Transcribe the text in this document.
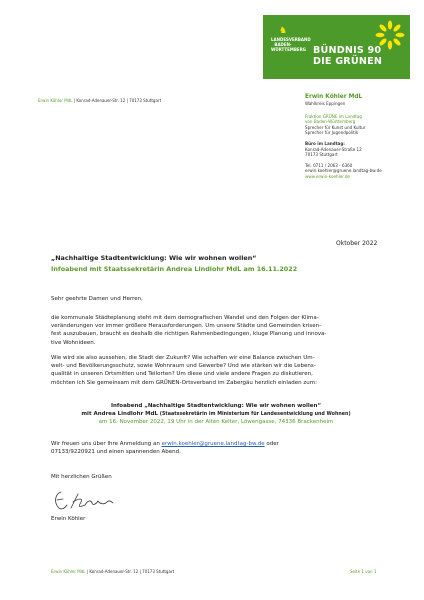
♞
LANDESVERBAND
BADEN-WÜRTTEMBERG BÜNDNIS 90
DIE GRÜNEN
Erwin Köhler MdL | Konrad-Adenauer-Str. 12 | 70173 Stuttgart
Erwin Köhler MdL

Wahlkreis Eppingen

Fraktion GRÜNE im Landtag
von Baden-Württemberg
Sprecher für Kunst und Kultur

Sprecher für Jugendpolitik

Büro im Landtag:
Konrad-Adenauer-Straße 12

70173 Stuttgart

Tel. 0711 / 2063 - 6360
erwin.koehler@gruene.landtag-bw.de
www.erwin-koehler.de
Oktober 2022
„Nachhaltige Stadtentwicklung: Wie wir wohnen wollen“
Infoabend mit Staatssekretärin Andrea Lindlohr MdL am 16.11.2022
Sehr geehrte Damen und Herren,
die kommunale Städteplanung steht mit dem demografischen Wandel und den Folgen der Klima-
veränderungen vor immer größere Herausforderungen. Um unsere Städte und Gemeinden krisen-
fest auszubauen, braucht es deshalb die richtigen Rahmenbedingungen, kluge Planung und innova-
tive Wohnideen.
Wie wird sie also aussehen, die Stadt der Zukunft? Wie schaffen wir eine Balance zwischen Um-
welt- und Bevölkerungsschutz, sowie Wohnraum und Gewerbe? Und wie stärken wir die Lebens-
qualität in unseren Ortsmitten und Teilorten? Um diese und viele andere Fragen zu diskutieren,
möchten ich Sie gemeinsam mit dem GRÜNEN-Ortsverband im Zabergäu herzlich einladen zum:
Infoabend „Nachhaltige Stadtentwicklung: Wie wir wohnen wollen“
mit Andrea Lindlohr MdL (Staatssekretärin im Ministerium für Landesentwicklung und Wohnen)
am 16. November 2022, 19 Uhr in der Alten Kelter, Löwengasse, 74336 Brackenheim
Wir freuen uns über Ihre Anmeldung an erwin.koehler@gruene.landtag-bw.de oder
07133/9220921 und einen spannenden Abend.
Mit herzlichen Grüßen
Erwin Köhler
Erwin Köhler MdL | Konrad-Adenauer-Str. 12 | 70173 Stuttgart	Seite 1 von 1
